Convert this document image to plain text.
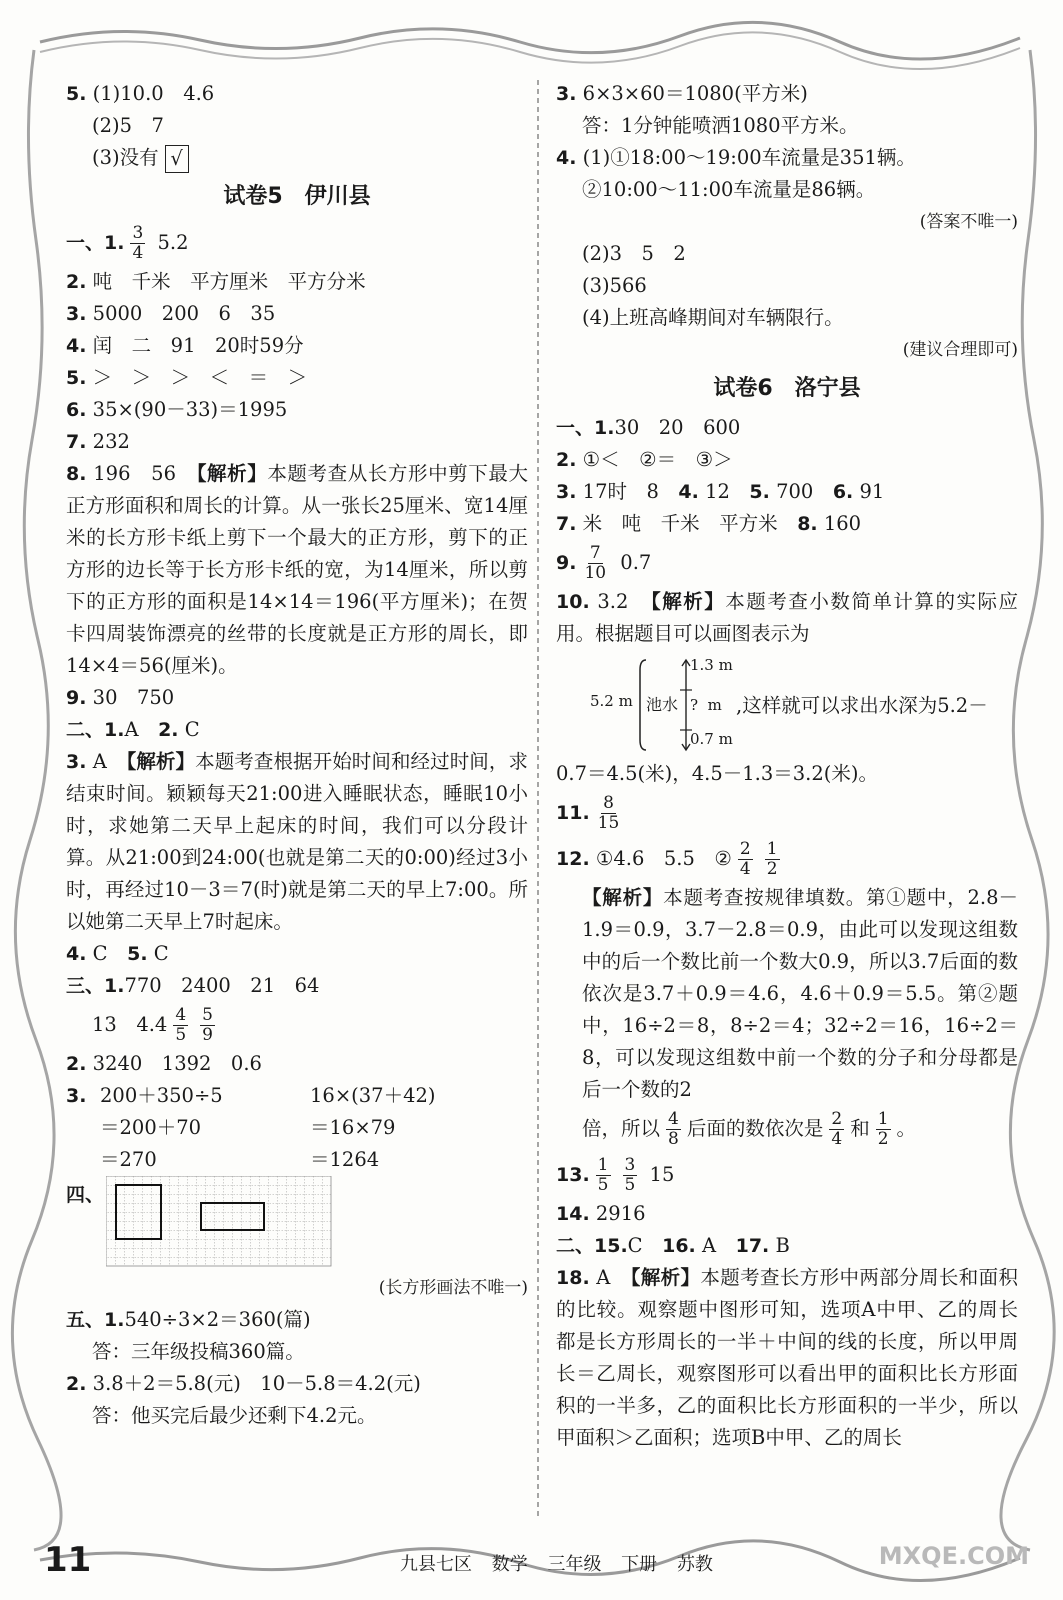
5. (1)10.0　4.6
(2)5　7
(3)没有 √
试卷5　伊川县
一、1. $\frac{3}{4} 5.2$
2. 吨　千米　平方厘米　平方分米
3. 5000　200　6　35
4. 闰　二　91　20时59分
5. ＞　＞　＞　＜　＝　＞
6. 35×(90－33)＝1995
7. 232
8. 196　56　 【解析】本题考查从长方形中剪下最大正方形面积和周长的计算。从一张长25厘米、宽14厘米的长方形卡纸上剪下一个最大的正方形，剪下的正方形的边长等于长方形卡纸的宽，为14厘米，所以剪下的正方形的面积是14×14＝196(平方厘米)；在贺卡四周装饰漂亮的丝带的长度就是正方形的周长，即14×4＝56(厘米)。
9. 30　750
二、1.A　 2. C
3. A　 【解析】本题考查根据开始时间和经过时间，求结束时间。颖颖每天21:00进入睡眠状态，睡眠10小时，求她第二天早上起床的时间，我们可以分段计算。从21:00到24:00(也就是第二天的0:00)经过3小时，再经过10－3＝7(时)就是第二天的早上7:00。所以她第二天早上7时起床。
4. C　 5. C
三、1.770　2400　21　64
13　$4.4 \frac{4}{5} \frac{5}{9}$
2. 3240　1392　0.6
3. 200＋350÷5
＝200＋70
＝270
16×(37＋42)
＝16×79
＝1264
四、
(长方形画法不唯一)
五、1.540÷3×2＝360(篇)
答：三年级投稿360篇。
2. 3.8＋2＝5.8(元)　10－5.8＝4.2(元)
答：他买完后最少还剩下4.2元。
3. 6×3×60＝1080(平方米)
答：1分钟能喷洒1080平方米。
4. (1)①18:00～19:00车流量是351辆。
②10:00～11:00车流量是86辆。
(答案不唯一)
(2)3　5　2
(3)566
(4)上班高峰期间对车辆限行。
(建议合理即可)
试卷6　洛宁县
一、1.30　20　600
2. ①＜　②＝　③＞
3. 17时　8　 4. 12　 5. 700　 6. 91
7. 米　吨　千米　平方米　 8. 160
9. $\frac{7}{10} 0.7$
10. 3.2　 【解析】本题考查小数简单计算的实际应用。根据题目可以画图表示为
5.2 m 池水
1.3 m
?  m
0.7 m
,这样就可以求出水深为5.2－
0.7＝4.5(米)，4.5－1.3＝3.2(米)。
11. $\frac{8}{15}$
12. ①4.6　5.5　② $\frac{2}{4} \frac{1}{2}$
【解析】本题考查按规律填数。第①题中，2.8－1.9＝0.9，3.7－2.8＝0.9，由此可以发现这组数中的后一个数比前一个数大0.9，所以3.7后面的数依次是3.7＋0.9＝4.6，4.6＋0.9＝5.5。第②题中，16÷2＝8，8÷2＝4；32÷2＝16，16÷2＝8，可以发现这组数中前一个数的分子和分母都是后一个数的2
倍，所以 $\frac{4}{8}$ 后面的数依次是 $\frac{2}{4}$ 和 $\frac{1}{2}$ 。
13. $\frac{1}{5} \frac{3}{5} 15$
14. 2916
二、15.C　 16. A　 17. B
18. A　 【解析】本题考查长方形中两部分周长和面积的比较。观察题中图形可知，选项A中甲、乙的周长都是长方形周长的一半＋中间的线的长度，所以甲周长＝乙周长，观察图形可以看出甲的面积比长方形面积的一半多，乙的面积比长方形面积的一半少，所以甲面积＞乙面积；选项B中甲、乙的周长
11	九县七区 数学 三年级 下册 苏教	MXQE.COM
